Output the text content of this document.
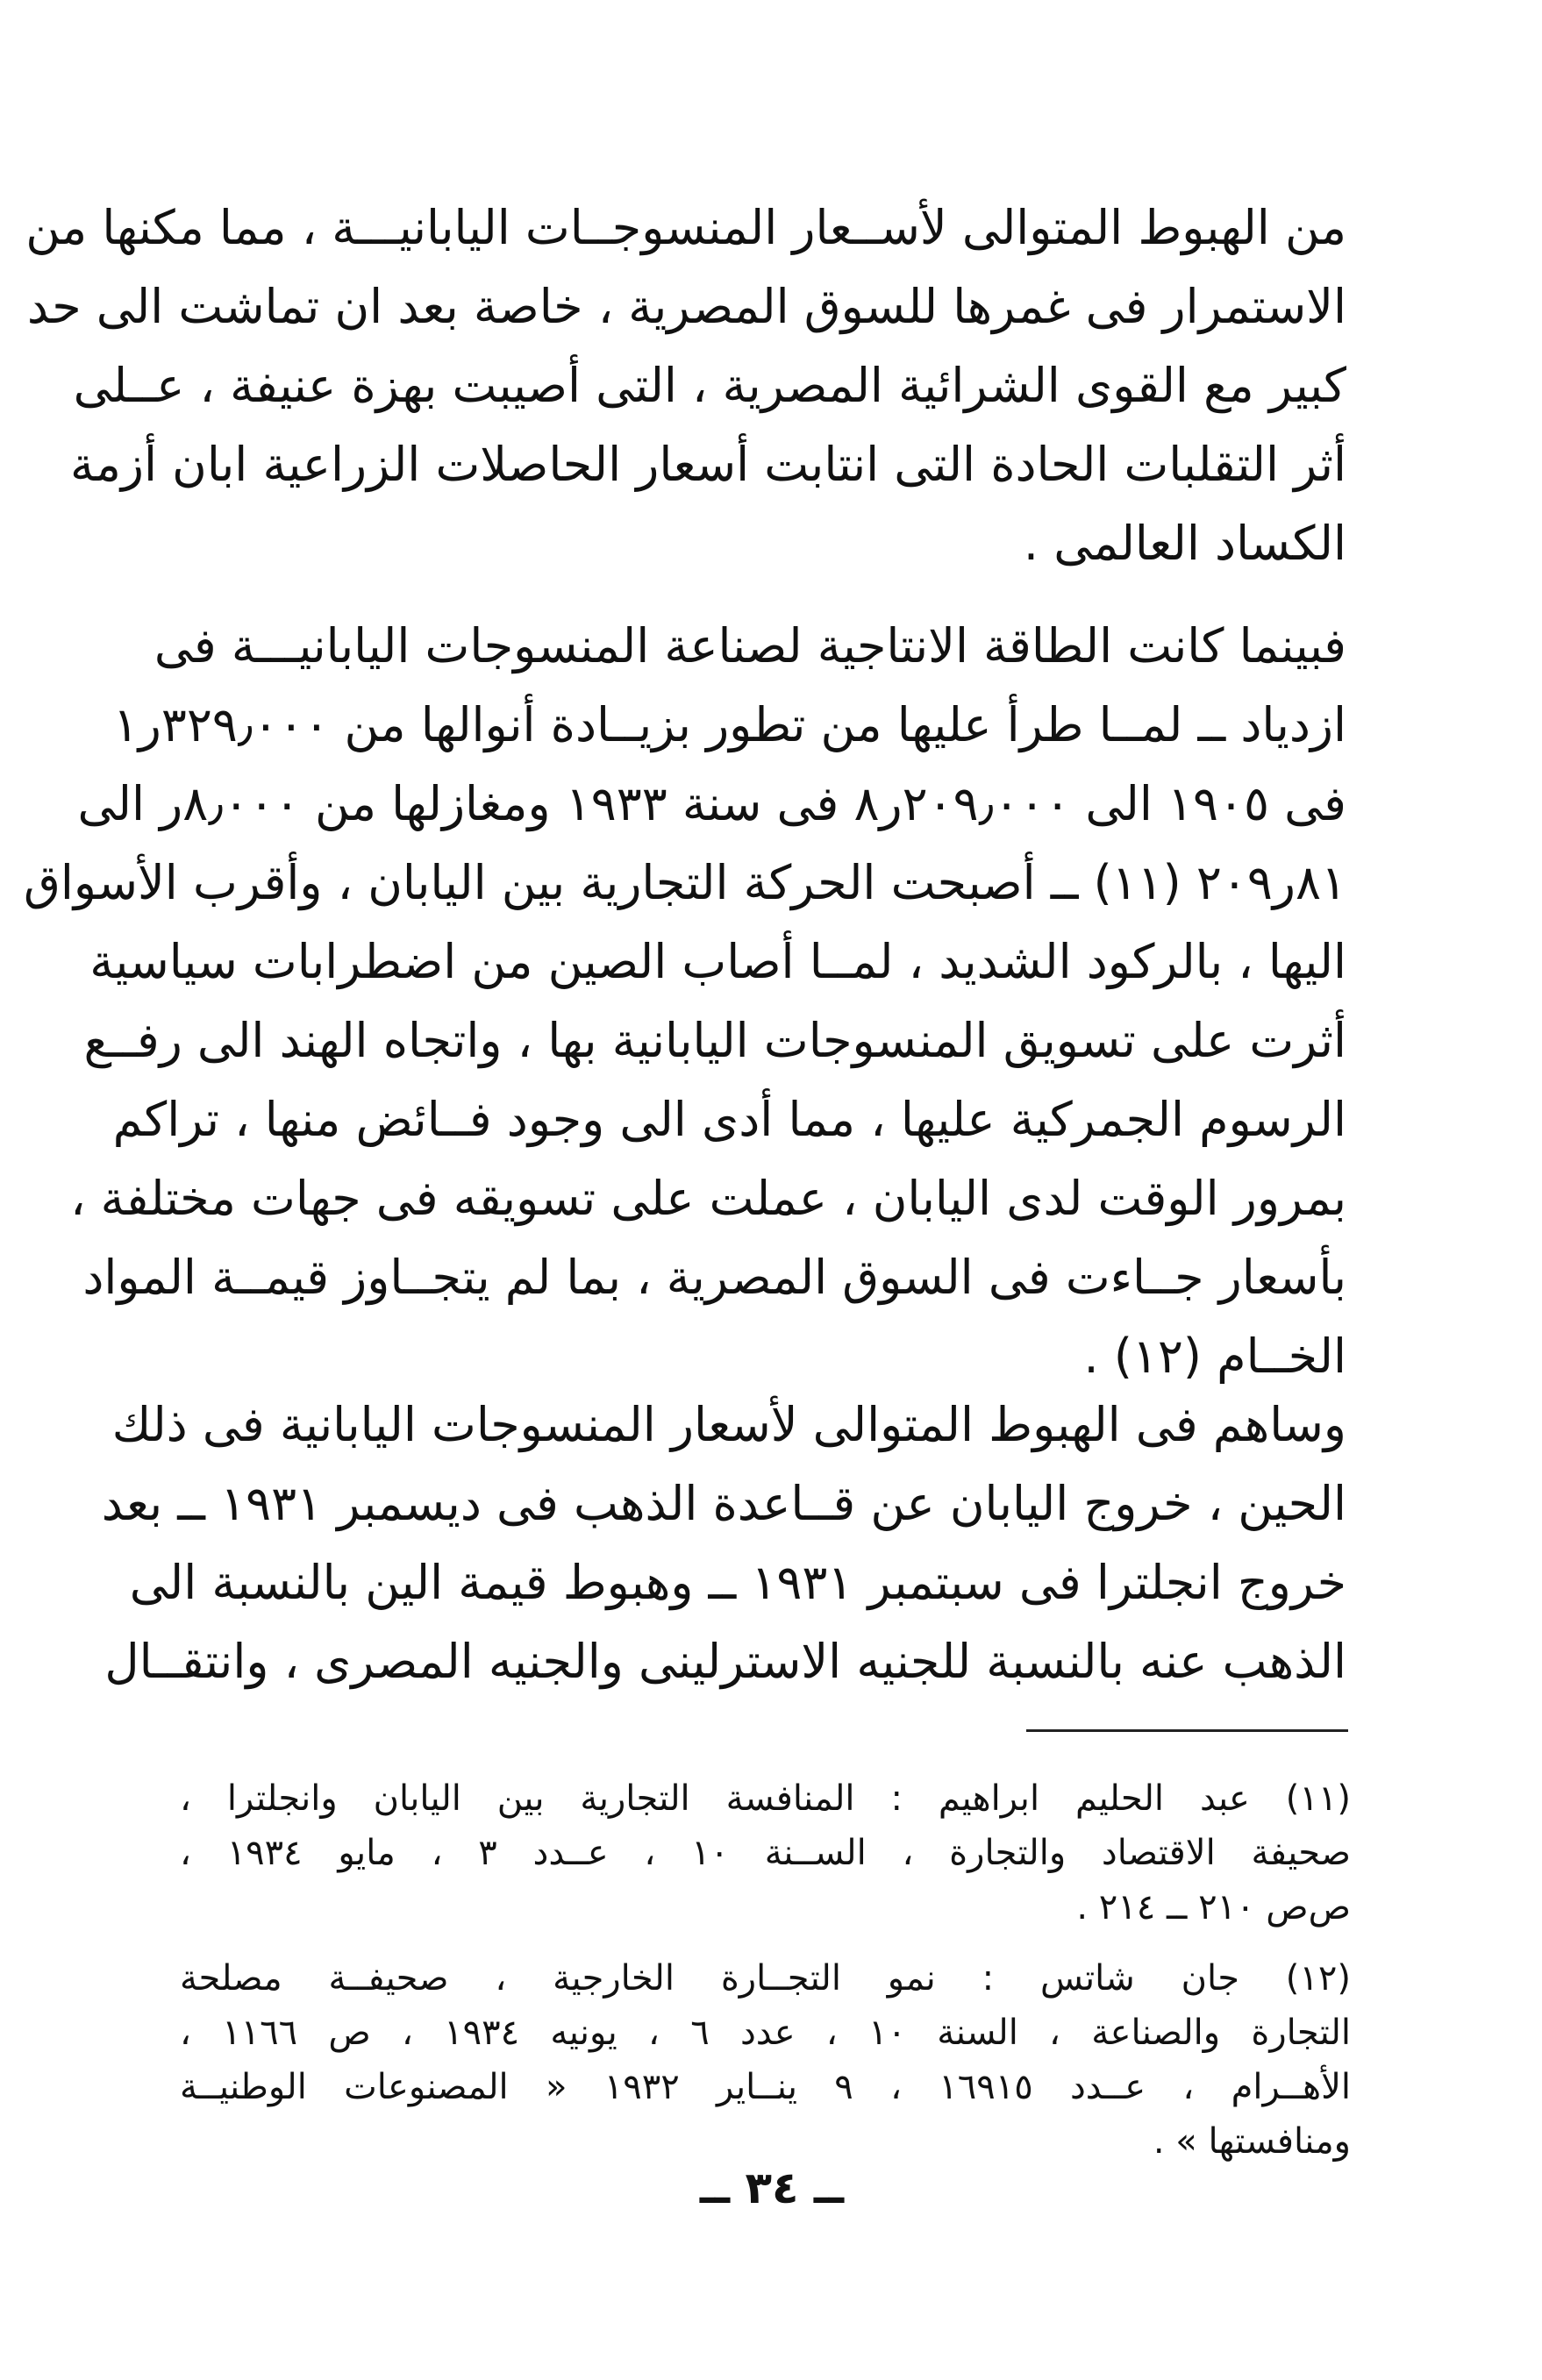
من الهبوط المتوالى لأســعار المنسوجــات اليابانيـــة ، مما مكنها من
الاستمرار فى غمرها للسوق المصرية ، خاصة بعد ان تماشت الى حد
كبير مع القوى الشرائية المصرية ، التى أصيبت بهزة عنيفة ، عــلى
أثر التقلبات الحادة التى انتابت أسعار الحاصلات الزراعية ابان أزمة
الكساد العالمى .
فبينما كانت الطاقة الانتاجية لصناعة المنسوجات اليابانيـــة فى
ازدياد ــ لمــا طرأ عليها من تطور بزيــادة أنوالها من ٣٢٩٫٠٠٠ر١
فى ١٩٠٥ الى ٢٠٩٫٠٠٠ر٨ فى سنة ١٩٣٣ ومغازلها من ٨٫٠٠٠ر الى
٨١ر٢٠٩ (١١) ــ أصبحت الحركة التجارية بين اليابان ، وأقرب الأسواق
اليها ، بالركود الشديد ، لمــا أصاب الصين من اضطرابات سياسية
أثرت على تسويق المنسوجات اليابانية بها ، واتجاه الهند الى رفــع
الرسوم الجمركية عليها ، مما أدى الى وجود فــائض منها ، تراكم
بمرور الوقت لدى اليابان ، عملت على تسويقه فى جهات مختلفة ،
بأسعار جــاءت فى السوق المصرية ، بما لم يتجــاوز قيمــة المواد
الخــام (١٢) .
وساهم فى الهبوط المتوالى لأسعار المنسوجات اليابانية فى ذلك
الحين ، خروج اليابان عن قــاعدة الذهب فى ديسمبر ١٩٣١ ــ بعد
خروج انجلترا فى سبتمبر ١٩٣١ ــ وهبوط قيمة الين بالنسبة الى
الذهب عنه بالنسبة للجنيه الاسترلينى والجنيه المصرى ، وانتقــال
(١١) عبد الحليم ابراهيم : المنافسة التجارية بين اليابان وانجلترا ،
صحيفة الاقتصاد والتجارة ، الســنة ١٠ ، عــدد ٣ ، مايو ١٩٣٤ ،
ص‌ص ٢١٠ ــ ٢١٤ .
(١٢) جان شاتس : نمو التجــارة الخارجية ، صحيفــة مصلحة
التجارة والصناعة ، السنة ١٠ ، عدد ٦ ، يونيه ١٩٣٤ ، ص ١١٦٦ ،
الأهــرام ، عــدد ١٦٩١٥ ، ٩ ينــاير ١٩٣٢ « المصنوعات الوطنيــة
ومنافستها » .
ــ ٣٤ ــ
